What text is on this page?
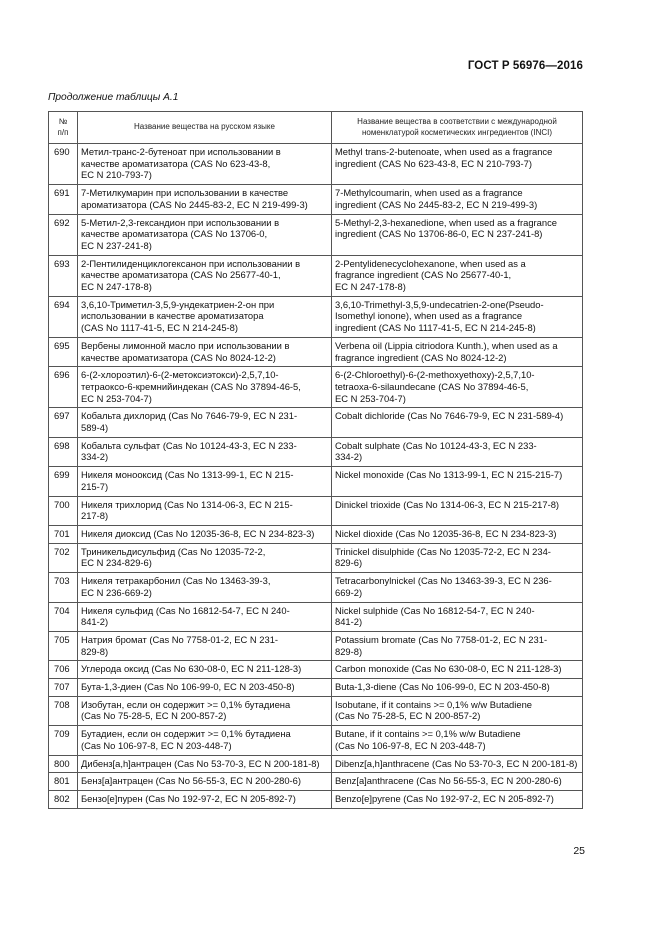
ГОСТ Р 56976—2016
Продолжение таблицы А.1
№
п/п	Название вещества на русском языке	Название вещества в соответствии с международной
номенклатурой косметических ингредиентов (INCI)
690	Метил-транс-2-бутеноат при использовании в
качестве ароматизатора (CAS No 623-43-8,
EC N 210-793-7)	Methyl trans-2-butenoate, when used as a fragrance
ingredient (CAS No 623-43-8, EC N 210-793-7)
691	7-Метилкумарин при использовании в качестве
ароматизатора (CAS No 2445-83-2, EC N 219-499-3)	7-Methylcoumarin, when used as a fragrance
ingredient (CAS No 2445-83-2, EC N 219-499-3)
692	5-Метил-2,3-гександион при использовании в
качестве ароматизатора (CAS No 13706-0,
EC N 237-241-8)	5-Methyl-2,3-hexanedione, when used as a fragrance
ingredient (CAS No 13706-86-0, EC N 237-241-8)
693	2-Пентилиденциклогексанон при использовании в
качестве ароматизатора (CAS No 25677-40-1,
EC N 247-178-8)	2-Pentylidenecyclohexanone, when used as a
fragrance ingredient (CAS No 25677-40-1,
EC N 247-178-8)
694	3,6,10-Триметил-3,5,9-ундекатриен-2-он при
использовании в качестве ароматизатора
(CAS No 1117-41-5, EC N 214-245-8)	3,6,10-Trimethyl-3,5,9-undecatrien-2-one(Pseudo-
Isomethyl ionone), when used as a fragrance
ingredient (CAS No 1117-41-5, EC N 214-245-8)
695	Вербены лимонной масло при использовании в
качестве ароматизатора (CAS No 8024-12-2)	Verbena oil (Lippia citriodora Kunth.), when used as a
fragrance ingredient (CAS No 8024-12-2)
696	6-(2-хлороэтил)-6-(2-метоксиэтокси)-2,5,7,10-
тетраоксо-6-кремнийиндекан (CAS No 37894-46-5,
EC N 253-704-7)	6-(2-Chloroethyl)-6-(2-methoxyethoxy)-2,5,7,10-
tetraoxa-6-silaundecane (CAS No 37894-46-5,
EC N 253-704-7)
697	Кобальта дихлорид (Cas No 7646-79-9, EC N 231-
589-4)	Cobalt dichloride (Cas No 7646-79-9, EC N 231-589-4)
698	Кобальта сульфат (Cas No 10124-43-3, EC N 233-
334-2)	Cobalt sulphate (Cas No 10124-43-3, EC N 233-
334-2)
699	Никеля монооксид (Cas No 1313-99-1, EC N 215-
215-7)	Nickel monoxide (Cas No 1313-99-1, EC N 215-215-7)
700	Никеля трихлорид (Cas No 1314-06-3, EC N 215-
217-8)	Dinickel trioxide (Cas No 1314-06-3, EC N 215-217-8)
701	Никеля диоксид (Cas No 12035-36-8, EC N 234-823-3)	Nickel dioxide (Cas No 12035-36-8, EC N 234-823-3)
702	Триникельдисульфид (Cas No 12035-72-2,
EC N 234-829-6)	Trinickel disulphide (Cas No 12035-72-2, EC N 234-
829-6)
703	Никеля тетракарбонил (Cas No 13463-39-3,
EC N 236-669-2)	Tetracarbonylnickel (Cas No 13463-39-3, EC N 236-
669-2)
704	Никеля сульфид (Cas No 16812-54-7, EC N 240-
841-2)	Nickel sulphide (Cas No 16812-54-7, EC N 240-
841-2)
705	Натрия бромат (Cas No 7758-01-2, EC N 231-
829-8)	Potassium bromate (Cas No 7758-01-2, EC N 231-
829-8)
706	Углерода оксид (Cas No 630-08-0, EC N 211-128-3)	Carbon monoxide (Cas No 630-08-0, EC N 211-128-3)
707	Бута-1,3-диен (Cas No 106-99-0, EC N 203-450-8)	Buta-1,3-diene (Cas No 106-99-0, EC N 203-450-8)
708	Изобутан, если он содержит >= 0,1% бутадиена
(Cas No 75-28-5, EC N 200-857-2)	Isobutane, if it contains >= 0,1% w/w Butadiene
(Cas No 75-28-5, EC N 200-857-2)
709	Бутадиен, если он содержит >= 0,1% бутадиена
(Cas No 106-97-8, EC N 203-448-7)	Butane, if it contains >= 0,1% w/w Butadiene
(Cas No 106-97-8, EC N 203-448-7)
800	Дибенз[a,h]антрацен (Cas No 53-70-3, EC N 200-181-8)	Dibenz[a,h]anthracene (Cas No 53-70-3, EC N 200-181-8)
801	Бенз[a]антрацен (Cas No 56-55-3, EC N 200-280-6)	Benz[a]anthracene (Cas No 56-55-3, EC N 200-280-6)
802	Бензо[e]пурен (Cas No 192-97-2, EC N 205-892-7)	Benzo[e]pyrene (Cas No 192-97-2, EC N 205-892-7)
25
